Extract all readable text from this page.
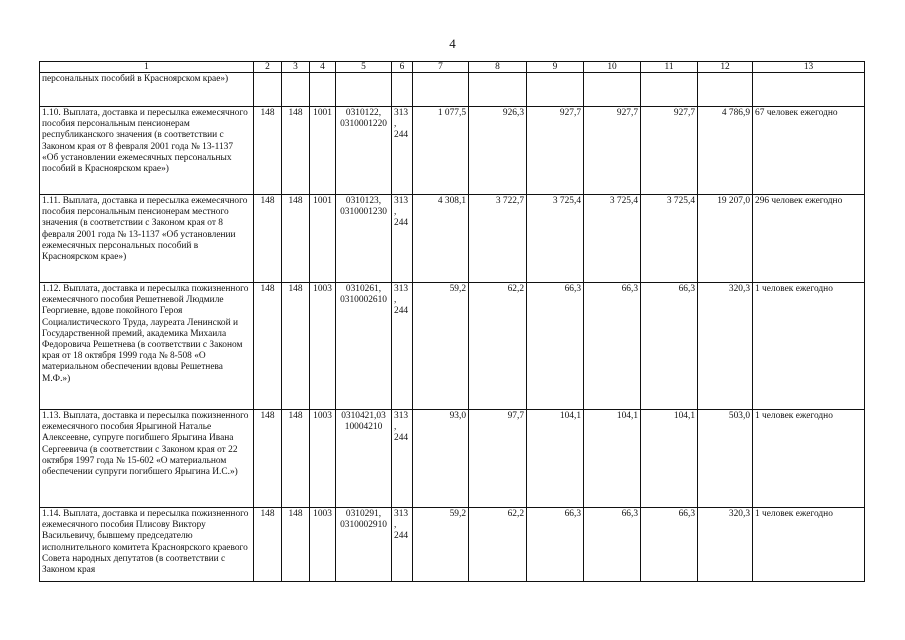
4
1	2	3	4	5	6	7	8	9	10	11	12	13
персональных пособий в Красноярском крае»)												
1.10. Выплата, доставка и пересылка ежемесячного пособия персональным пенсионерам республиканского значения (в соответствии с Законом края от 8 февраля 2001 года № 13-1137 «Об установлении ежемесячных персональных пособий в Красноярском крае»)	148	148	1001	0310122, 0310001220	313, 244	1 077,5	926,3	927,7	927,7	927,7	4 786,9	67 человек ежегодно
1.11. Выплата, доставка и пересылка ежемесячного пособия персональным пенсионерам местного значения (в соответствии с Законом края от 8 февраля 2001 года № 13-1137 «Об установлении ежемесячных персональных пособий в Красноярском крае»)	148	148	1001	0310123, 0310001230	313, 244	4 308,1	3 722,7	3 725,4	3 725,4	3 725,4	19 207,0	296 человек ежегодно
1.12. Выплата, доставка и пересылка пожизненного ежемесячного пособия Решетневой Людмиле Георгиевне, вдове покойного Героя Социалистического Труда, лауреата Ленинской и Государственной премий, академика Михаила Федоровича Решетнева (в соответствии с Законом края от 18 октября 1999 года № 8-508 «О материальном обеспечении вдовы Решетнева М.Ф.»)	148	148	1003	0310261, 0310002610	313, 244	59,2	62,2	66,3	66,3	66,3	320,3	1 человек ежегодно
1.13. Выплата, доставка и пересылка пожизненного ежемесячного пособия Ярыгиной Наталье Алексеевне, супруге погибшего Ярыгина Ивана Сергеевича (в соответствии с Законом края от 22 октября 1997 года № 15-602 «О материальном обеспечении супруги погибшего Ярыгина И.С.»)	148	148	1003	0310421,03 10004210	313, 244	93,0	97,7	104,1	104,1	104,1	503,0	1 человек ежегодно
1.14. Выплата, доставка и пересылка пожизненного ежемесячного пособия Плисову Виктору Васильевичу, бывшему председателю исполнительного комитета Красноярского краевого Совета народных депутатов (в соответствии с Законом края	148	148	1003	0310291, 0310002910	313, 244	59,2	62,2	66,3	66,3	66,3	320,3	1 человек ежегодно
